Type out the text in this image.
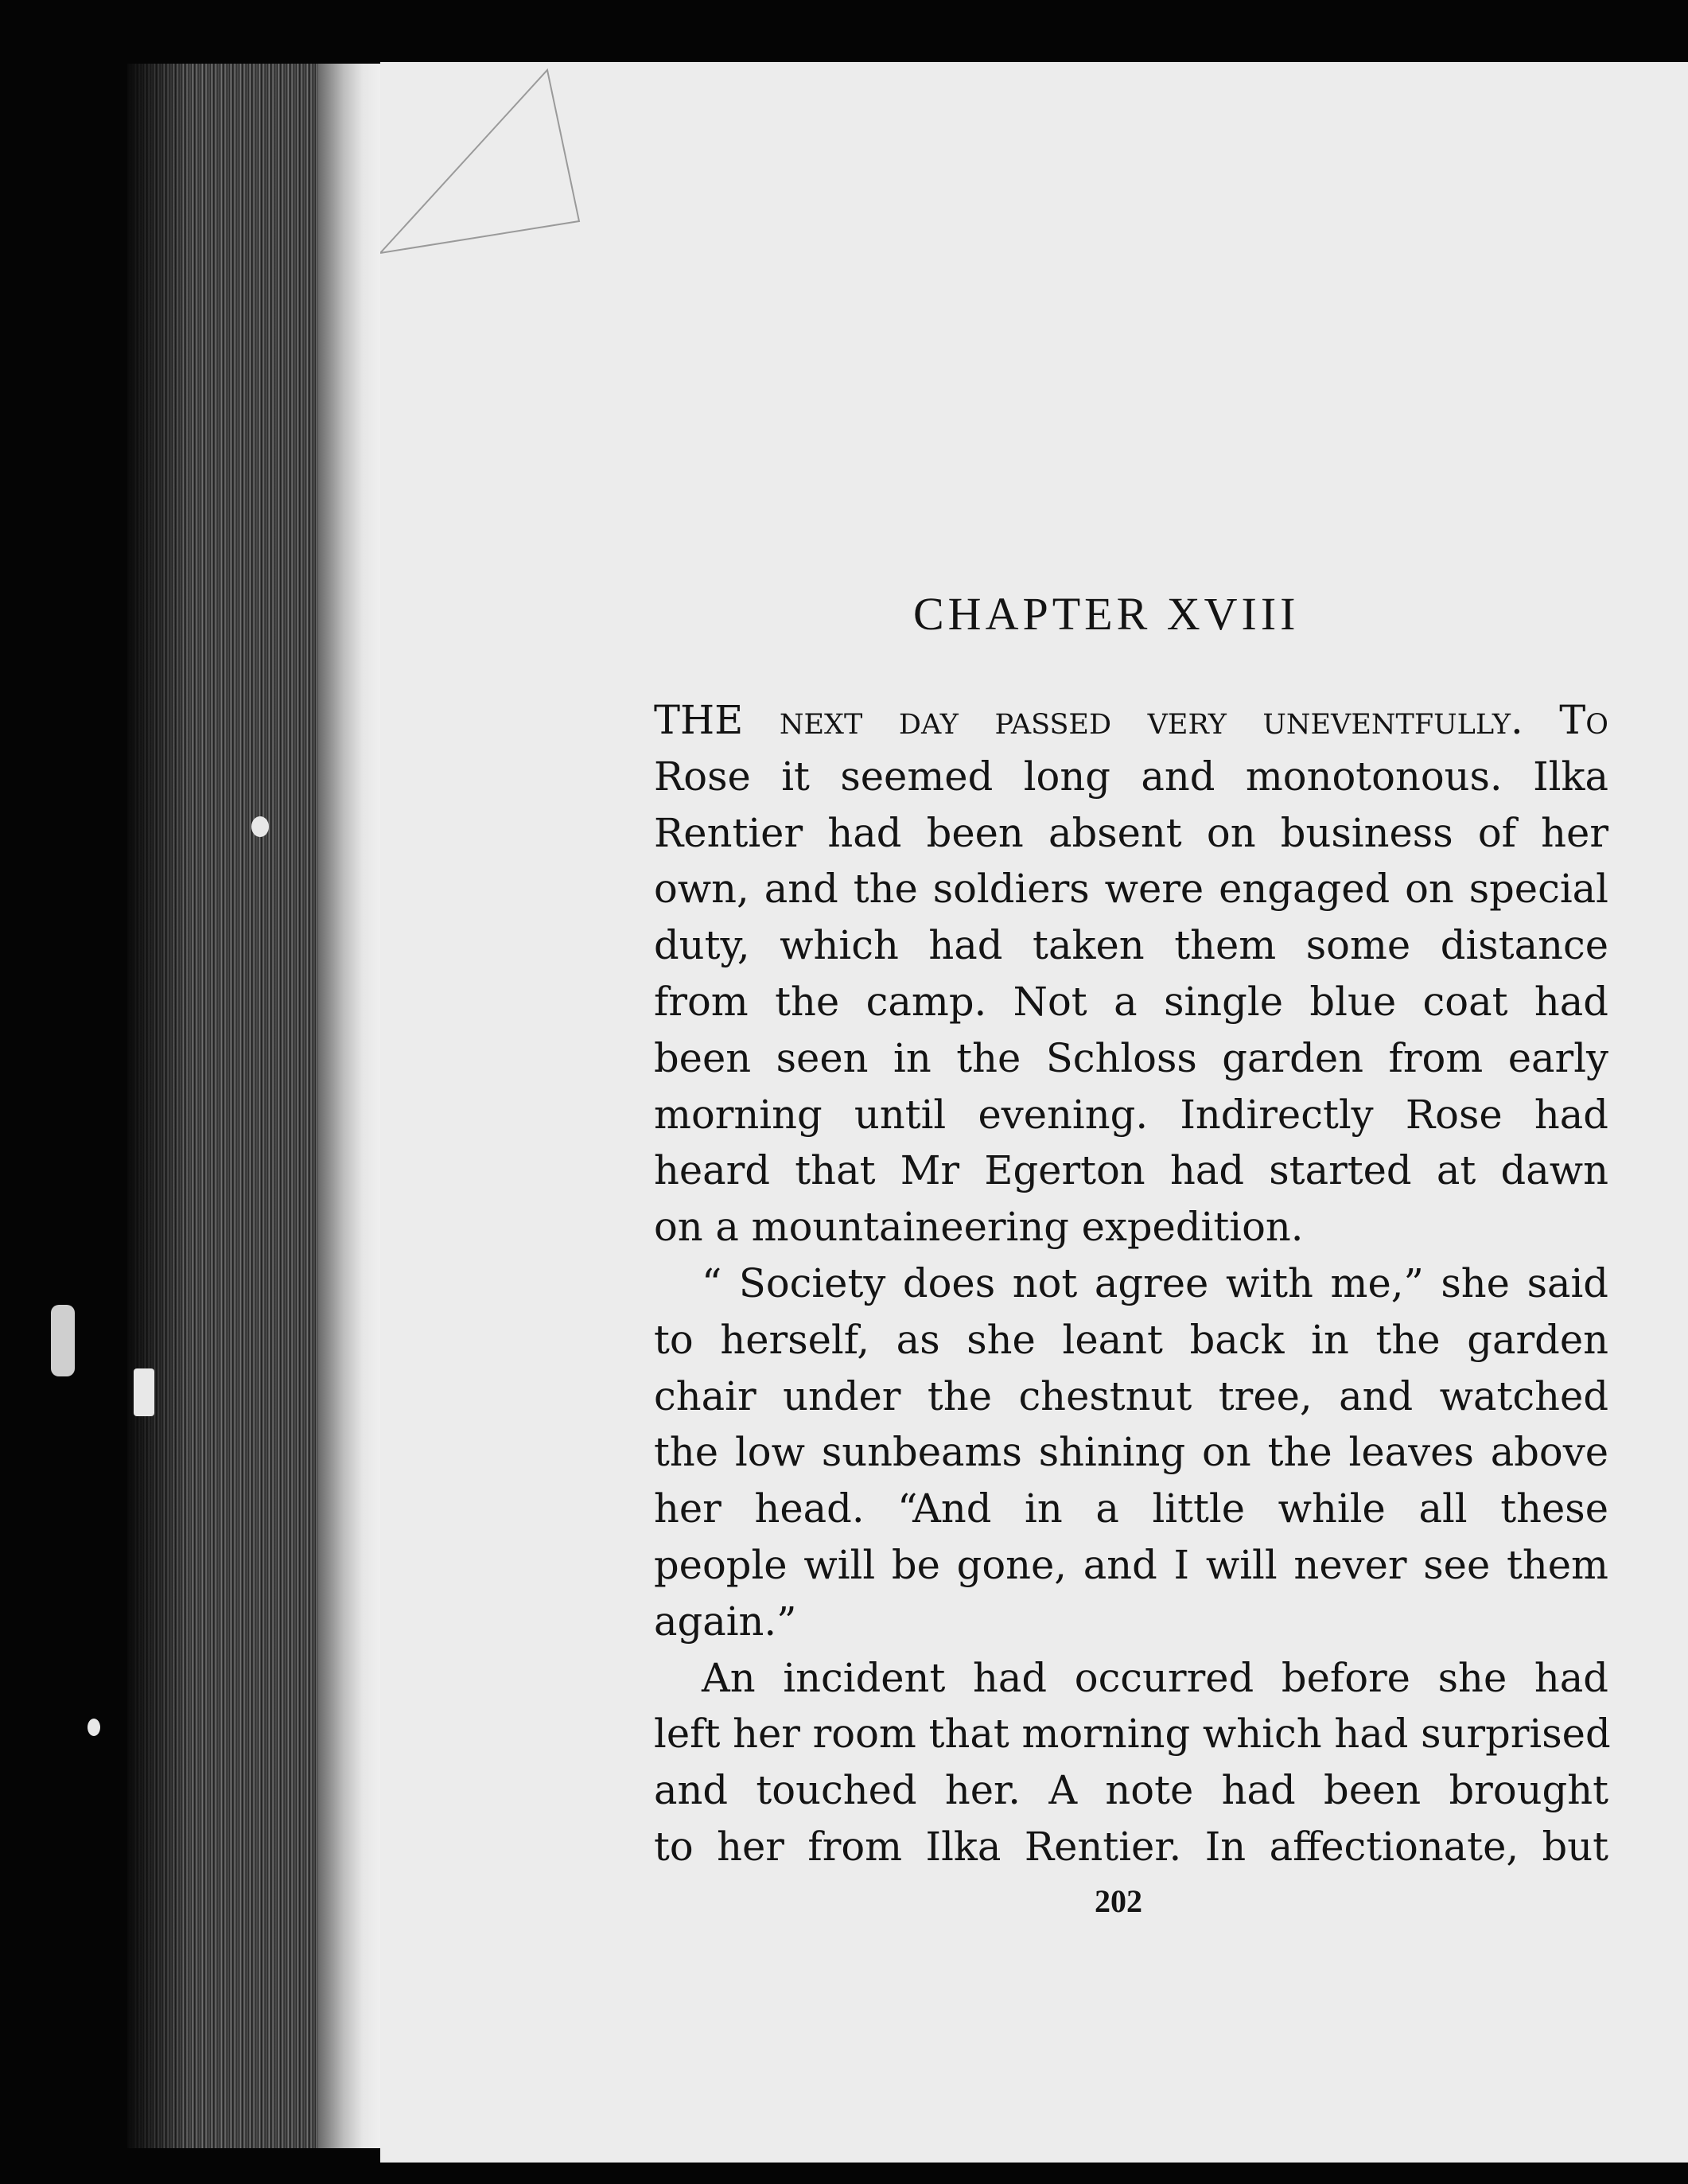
CHAPTER XVIII
THE next day passed very uneventfully. To
Rose it seemed long and monotonous. Ilka
Rentier had been absent on business of her
own, and the soldiers were engaged on special
duty, which had taken them some distance
from the camp. Not a single blue coat had
been seen in the Schloss garden from early
morning until evening. Indirectly Rose had
heard that Mr Egerton had started at dawn
on a mountaineering expedition.
“ Society does not agree with me,” she said
to herself, as she leant back in the garden
chair under the chestnut tree, and watched
the low sunbeams shining on the leaves above
her head. “And in a little while all these
people will be gone, and I will never see them
again.”
An incident had occurred before she had
left her room that morning which had surprised
and touched her. A note had been brought
to her from Ilka Rentier. In affectionate, but
202
